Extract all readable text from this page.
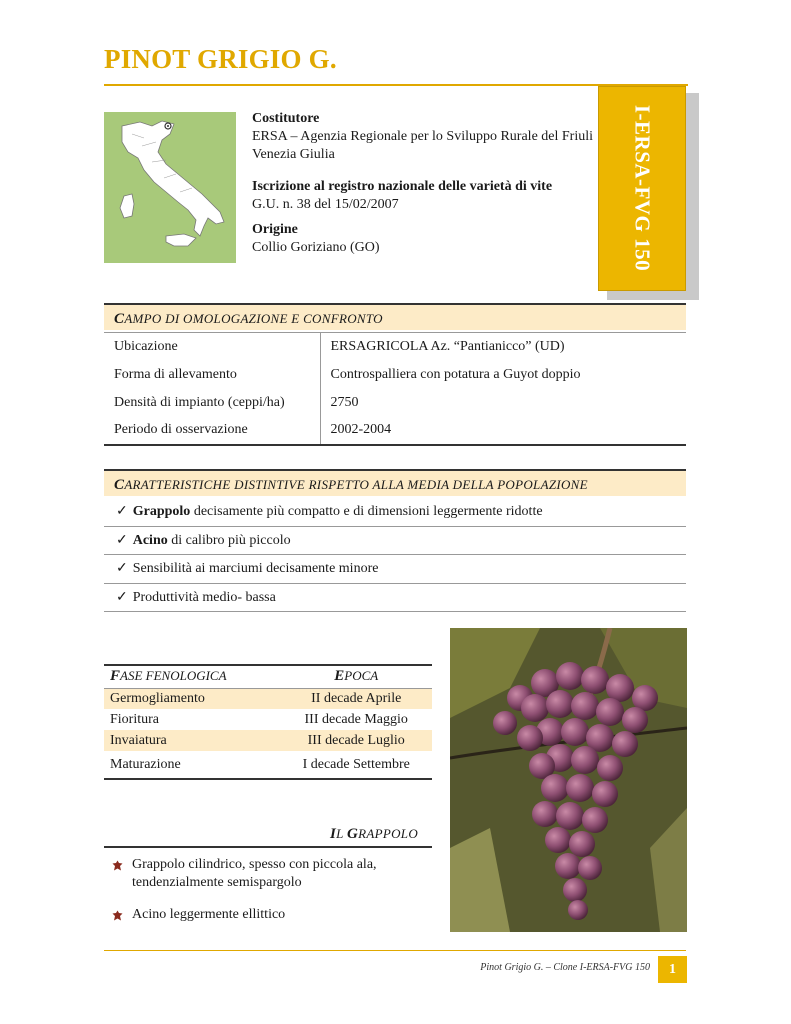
PINOT GRIGIO G.
Costitutore
ERSA – Agenzia Regionale per lo Sviluppo Rurale del Friuli Venezia Giulia
Iscrizione al registro nazionale delle varietà di vite
G.U. n. 38 del 15/02/2007
Origine
Collio Goriziano (GO)	I-ERSA-FVG 150
CAMPO DI OMOLOGAZIONE E CONFRONTO
Ubicazione	ERSAGRICOLA Az. “Pantianicco” (UD)
Forma di allevamento	Controspalliera con potatura a Guyot doppio
Densità di impianto (ceppi/ha)	2750
Periodo di osservazione	2002-2004
CARATTERISTICHE DISTINTIVE RISPETTO ALLA MEDIA DELLA POPOLAZIONE
✓ Grappolo decisamente più compatto e di dimensioni leggermente ridotte
✓ Acino di calibro più piccolo
✓ Sensibilità ai marciumi decisamente minore
✓ Produttività medio- bassa
FASE FENOLOGICA	EPOCA
Germogliamento	II decade Aprile
Fioritura	III decade Maggio
Invaiatura	III decade Luglio
Maturazione	I decade Settembre
IL GRAPPOLO
Grappolo cilindrico, spesso con piccola ala, tendenzialmente semispargolo
Acino leggermente ellittico
Pinot Grigio G. – Clone I-ERSA-FVG 150	1
